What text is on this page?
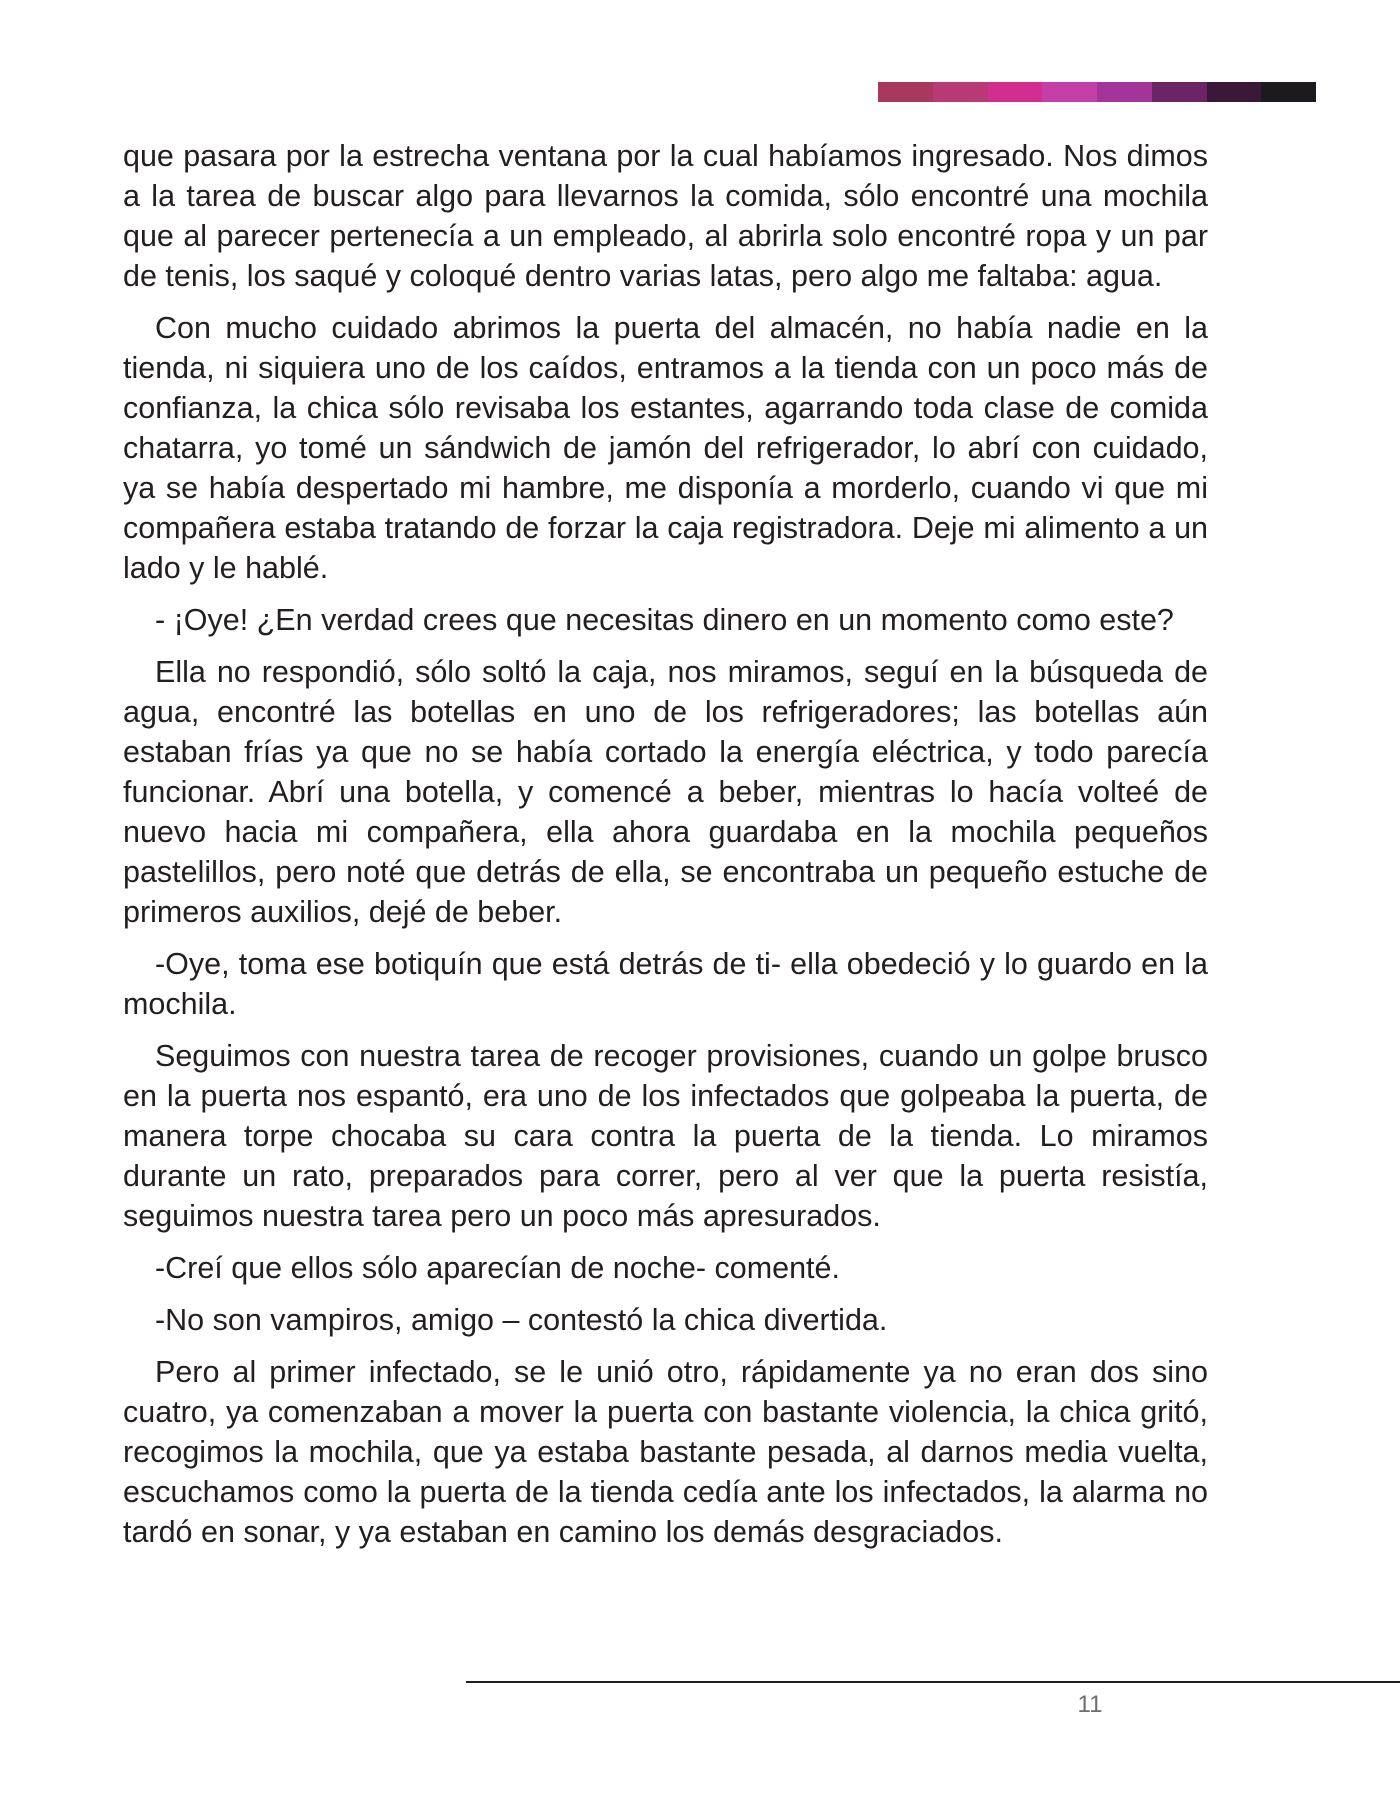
que pasara por la estrecha ventana por la cual habíamos ingresado. Nos dimos a la tarea de buscar algo para llevarnos la comida, sólo encontré una mochila que al parecer pertenecía a un empleado, al abrirla solo encontré ropa y un par de tenis, los saqué y coloqué dentro varias latas, pero algo me faltaba: agua.

Con mucho cuidado abrimos la puerta del almacén, no había nadie en la tienda, ni siquiera uno de los caídos, entramos a la tienda con un poco más de confianza, la chica sólo revisaba los estantes, agarrando toda clase de comida chatarra, yo tomé un sándwich de jamón del refrigerador, lo abrí con cuidado, ya se había despertado mi hambre, me disponía a morderlo, cuando vi que mi compañera estaba tratando de forzar la caja registradora. Deje mi alimento a un lado y le hablé.

- ¡Oye! ¿En verdad crees que necesitas dinero en un momento como este?

Ella no respondió, sólo soltó la caja, nos miramos, seguí en la búsqueda de agua, encontré las botellas en uno de los refrigeradores; las botellas aún estaban frías ya que no se había cortado la energía eléctrica, y todo parecía funcionar. Abrí una botella, y comencé a beber, mientras lo hacía volteé de nuevo hacia mi compañera, ella ahora guardaba en la mochila pequeños pastelillos, pero noté que detrás de ella, se encontraba un pequeño estuche de primeros auxilios, dejé de beber.

-Oye, toma ese botiquín que está detrás de ti- ella obedeció y lo guardo en la mochila.

Seguimos con nuestra tarea de recoger provisiones, cuando un golpe brusco en la puerta nos espantó, era uno de los infectados que golpeaba la puerta, de manera torpe chocaba su cara contra la puerta de la tienda. Lo miramos durante un rato, preparados para correr, pero al ver que la puerta resistía, seguimos nuestra tarea pero un poco más apresurados.

-Creí que ellos sólo aparecían de noche- comenté.

-No son vampiros, amigo – contestó la chica divertida.

Pero al primer infectado, se le unió otro, rápidamente ya no eran dos sino cuatro, ya comenzaban a mover la puerta con bastante violencia, la chica gritó, recogimos la mochila, que ya estaba bastante pesada, al darnos media vuelta, escuchamos como la puerta de la tienda cedía ante los infectados, la alarma no tardó en sonar, y ya estaban en camino los demás desgraciados.

11
